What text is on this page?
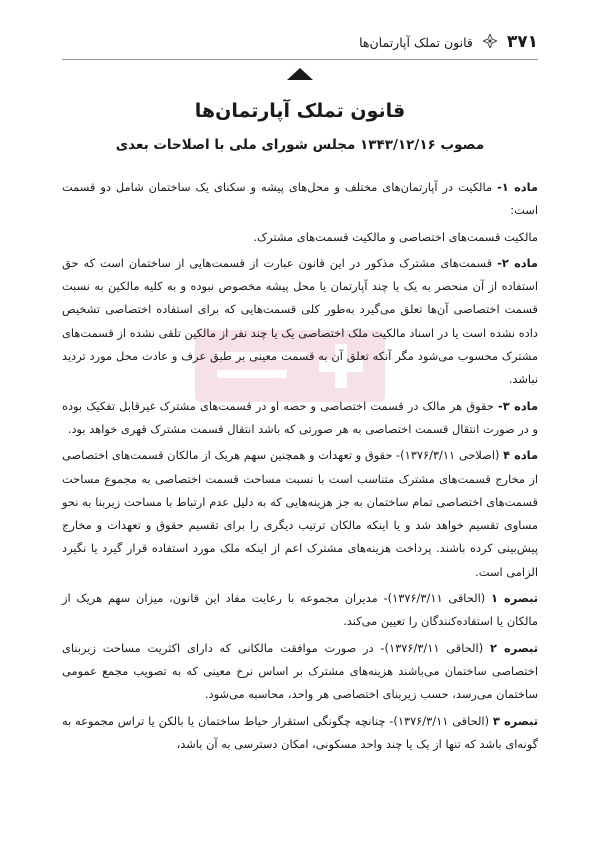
۳۷۱
قانون تملک آپارتمان‌ها
قانون تملک آپارتمان‌ها
مصوب ۱۳۴۳/۱۲/۱۶ مجلس شورای ملی با اصلاحات بعدی

ماده ۱- مالکیت در آپارتمان‌های مختلف و محل‌های پیشه و سکنای یک ساختمان شامل دو قسمت است:

مالکیت قسمت‌های اختصاصی و مالکیت قسمت‌های مشترک.

ماده ۲- قسمت‌های مشترک مذکور در این قانون عبارت از قسمت‌هایی از ساختمان است که حق استفاده از آن منحصر به یک یا چند آپارتمان یا محل پیشه مخصوص نبوده و به کلیه مالکین به نسبت قسمت اختصاصی آن‌ها تعلق می‌گیرد به‌طور کلی قسمت‌هایی که برای استفاده اختصاصی تشخیص داده نشده است یا در اسناد مالکیت ملک اختصاصی یک یا چند نفر از مالکین تلقی نشده از قسمت‌های مشترک محسوب می‌شود مگر آنکه تعلق آن به قسمت معینی بر طبق عرف و عادت محل مورد تردید نباشد.

ماده ۳- حقوق هر مالک در قسمت اختصاصی و حصه او در قسمت‌های مشترک غیرقابل تفکیک بوده و در صورت انتقال قسمت اختصاصی به هر صورتی که باشد انتقال قسمت مشترک قهری خواهد بود.

ماده ۴ (اصلاحی ۱۳۷۶/۳/۱۱)- حقوق و تعهدات و همچنین سهم هریک از مالکان قسمت‌های اختصاصی از مخارج قسمت‌های مشترک متناسب است با نسبت مساحت قسمت اختصاصی به مجموع مساحت قسمت‌های اختصاصی تمام ساختمان به جز هزینه‌هایی که به دلیل عدم ارتباط با مساحت زیربنا به نحو مساوی تقسیم خواهد شد و یا اینکه مالکان ترتیب دیگری را برای تقسیم حقوق و تعهدات و مخارج پیش‌بینی کرده باشند. پرداخت هزینه‌های مشترک اعم از اینکه ملک مورد استفاده قرار گیرد یا نگیرد الزامی است.

تبصره ۱ (الحاقی ۱۳۷۶/۳/۱۱)- مدیران مجموعه با رعایت مفاد این قانون، میزان سهم هریک از مالکان یا استفاده‌کنندگان را تعیین می‌کند.

تبصره ۲ (الحاقی ۱۳۷۶/۳/۱۱)- در صورت موافقت مالکانی که دارای اکثریت مساحت زیربنای اختصاصی ساختمان می‌باشند هزینه‌های مشترک بر اساس نرخ معینی که به تصویب مجمع عمومی ساختمان می‌رسد، حسب زیربنای اختصاصی هر واحد، محاسبه می‌شود.

تبصره ۳ (الحاقی ۱۳۷۶/۳/۱۱)- چنانچه چگونگی استقرار حیاط ساختمان یا بالکن یا تراس مجموعه به گونه‌ای باشد که تنها از یک یا چند واحد مسکونی، امکان دسترسی به آن باشد،
